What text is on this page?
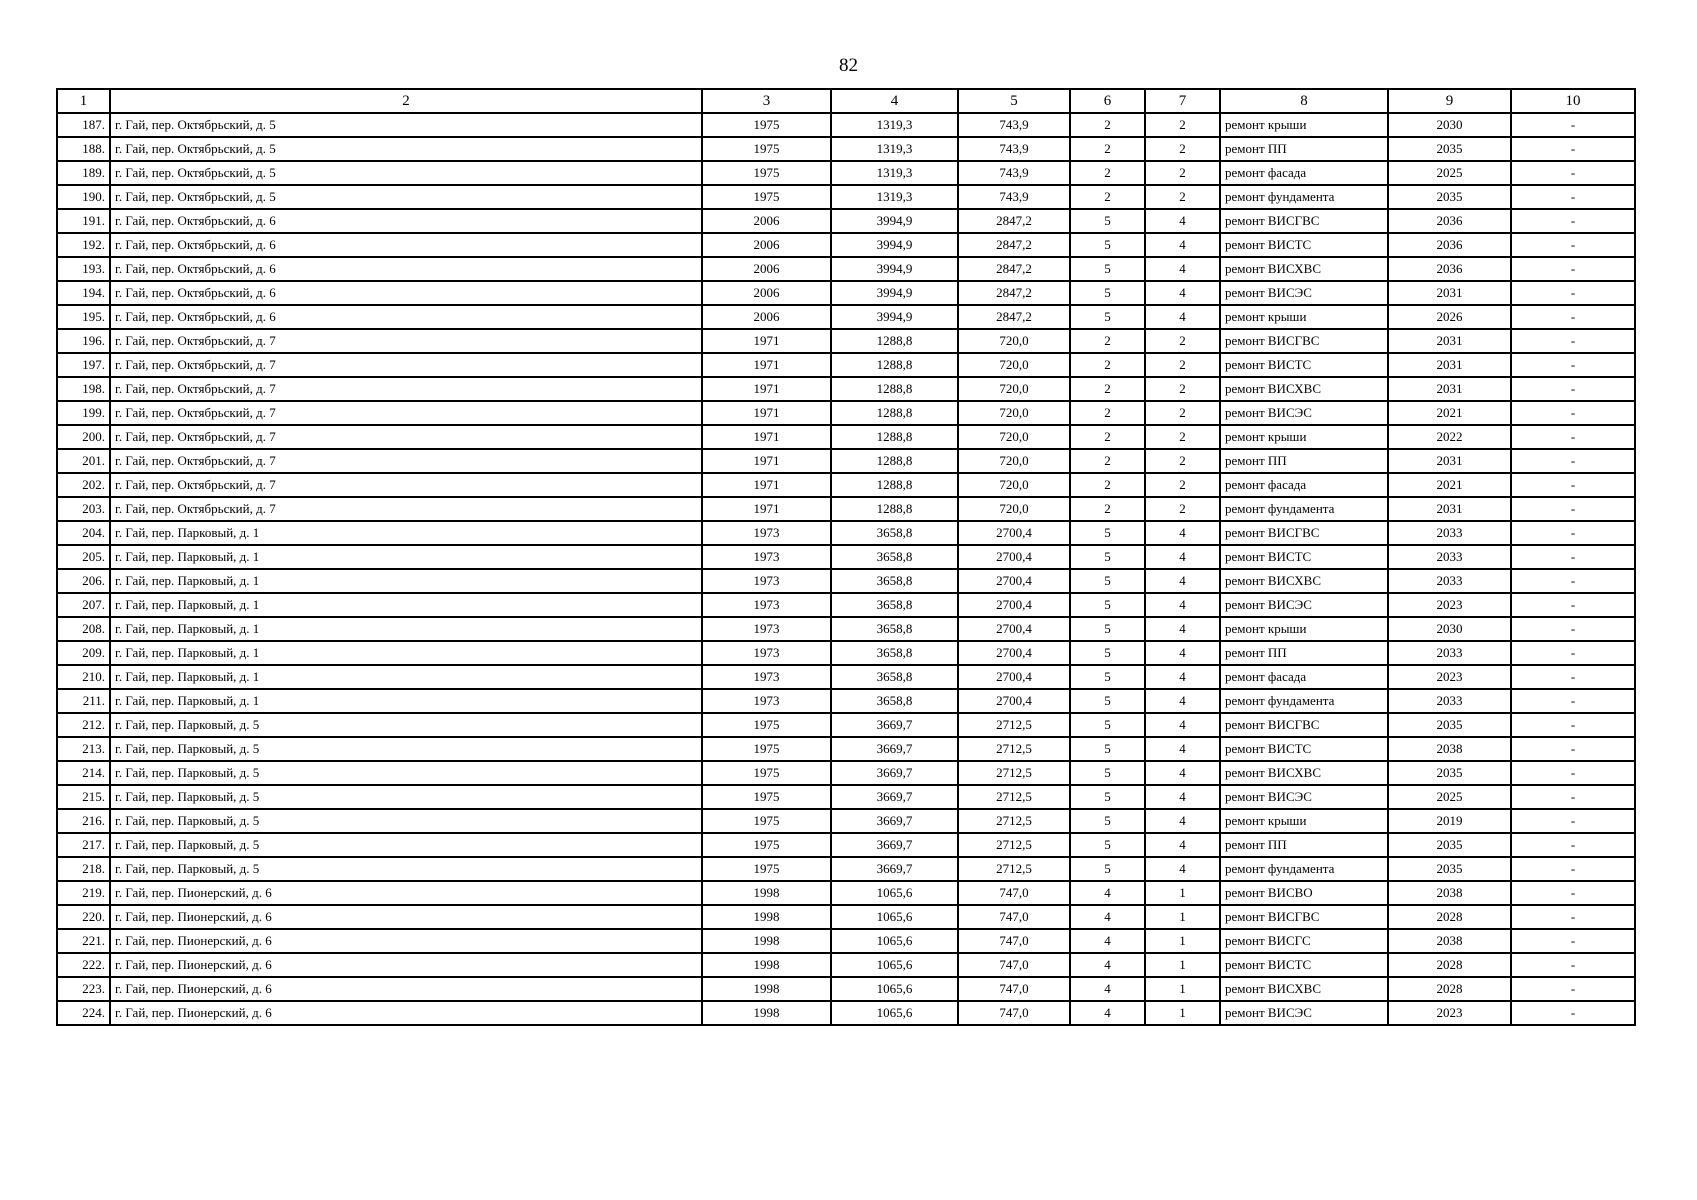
82
1	2	3	4	5	6	7	8	9	10
187.	г. Гай, пер. Октябрьский, д. 5	1975	1319,3	743,9	2	2	ремонт крыши	2030	-
188.	г. Гай, пер. Октябрьский, д. 5	1975	1319,3	743,9	2	2	ремонт ПП	2035	-
189.	г. Гай, пер. Октябрьский, д. 5	1975	1319,3	743,9	2	2	ремонт фасада	2025	-
190.	г. Гай, пер. Октябрьский, д. 5	1975	1319,3	743,9	2	2	ремонт фундамента	2035	-
191.	г. Гай, пер. Октябрьский, д. 6	2006	3994,9	2847,2	5	4	ремонт ВИСГВС	2036	-
192.	г. Гай, пер. Октябрьский, д. 6	2006	3994,9	2847,2	5	4	ремонт ВИСТС	2036	-
193.	г. Гай, пер. Октябрьский, д. 6	2006	3994,9	2847,2	5	4	ремонт ВИСХВС	2036	-
194.	г. Гай, пер. Октябрьский, д. 6	2006	3994,9	2847,2	5	4	ремонт ВИСЭС	2031	-
195.	г. Гай, пер. Октябрьский, д. 6	2006	3994,9	2847,2	5	4	ремонт крыши	2026	-
196.	г. Гай, пер. Октябрьский, д. 7	1971	1288,8	720,0	2	2	ремонт ВИСГВС	2031	-
197.	г. Гай, пер. Октябрьский, д. 7	1971	1288,8	720,0	2	2	ремонт ВИСТС	2031	-
198.	г. Гай, пер. Октябрьский, д. 7	1971	1288,8	720,0	2	2	ремонт ВИСХВС	2031	-
199.	г. Гай, пер. Октябрьский, д. 7	1971	1288,8	720,0	2	2	ремонт ВИСЭС	2021	-
200.	г. Гай, пер. Октябрьский, д. 7	1971	1288,8	720,0	2	2	ремонт крыши	2022	-
201.	г. Гай, пер. Октябрьский, д. 7	1971	1288,8	720,0	2	2	ремонт ПП	2031	-
202.	г. Гай, пер. Октябрьский, д. 7	1971	1288,8	720,0	2	2	ремонт фасада	2021	-
203.	г. Гай, пер. Октябрьский, д. 7	1971	1288,8	720,0	2	2	ремонт фундамента	2031	-
204.	г. Гай, пер. Парковый, д. 1	1973	3658,8	2700,4	5	4	ремонт ВИСГВС	2033	-
205.	г. Гай, пер. Парковый, д. 1	1973	3658,8	2700,4	5	4	ремонт ВИСТС	2033	-
206.	г. Гай, пер. Парковый, д. 1	1973	3658,8	2700,4	5	4	ремонт ВИСХВС	2033	-
207.	г. Гай, пер. Парковый, д. 1	1973	3658,8	2700,4	5	4	ремонт ВИСЭС	2023	-
208.	г. Гай, пер. Парковый, д. 1	1973	3658,8	2700,4	5	4	ремонт крыши	2030	-
209.	г. Гай, пер. Парковый, д. 1	1973	3658,8	2700,4	5	4	ремонт ПП	2033	-
210.	г. Гай, пер. Парковый, д. 1	1973	3658,8	2700,4	5	4	ремонт фасада	2023	-
211.	г. Гай, пер. Парковый, д. 1	1973	3658,8	2700,4	5	4	ремонт фундамента	2033	-
212.	г. Гай, пер. Парковый, д. 5	1975	3669,7	2712,5	5	4	ремонт ВИСГВС	2035	-
213.	г. Гай, пер. Парковый, д. 5	1975	3669,7	2712,5	5	4	ремонт ВИСТС	2038	-
214.	г. Гай, пер. Парковый, д. 5	1975	3669,7	2712,5	5	4	ремонт ВИСХВС	2035	-
215.	г. Гай, пер. Парковый, д. 5	1975	3669,7	2712,5	5	4	ремонт ВИСЭС	2025	-
216.	г. Гай, пер. Парковый, д. 5	1975	3669,7	2712,5	5	4	ремонт крыши	2019	-
217.	г. Гай, пер. Парковый, д. 5	1975	3669,7	2712,5	5	4	ремонт ПП	2035	-
218.	г. Гай, пер. Парковый, д. 5	1975	3669,7	2712,5	5	4	ремонт фундамента	2035	-
219.	г. Гай, пер. Пионерский, д. 6	1998	1065,6	747,0	4	1	ремонт ВИСВО	2038	-
220.	г. Гай, пер. Пионерский, д. 6	1998	1065,6	747,0	4	1	ремонт ВИСГВС	2028	-
221.	г. Гай, пер. Пионерский, д. 6	1998	1065,6	747,0	4	1	ремонт ВИСГС	2038	-
222.	г. Гай, пер. Пионерский, д. 6	1998	1065,6	747,0	4	1	ремонт ВИСТС	2028	-
223.	г. Гай, пер. Пионерский, д. 6	1998	1065,6	747,0	4	1	ремонт ВИСХВС	2028	-
224.	г. Гай, пер. Пионерский, д. 6	1998	1065,6	747,0	4	1	ремонт ВИСЭС	2023	-
